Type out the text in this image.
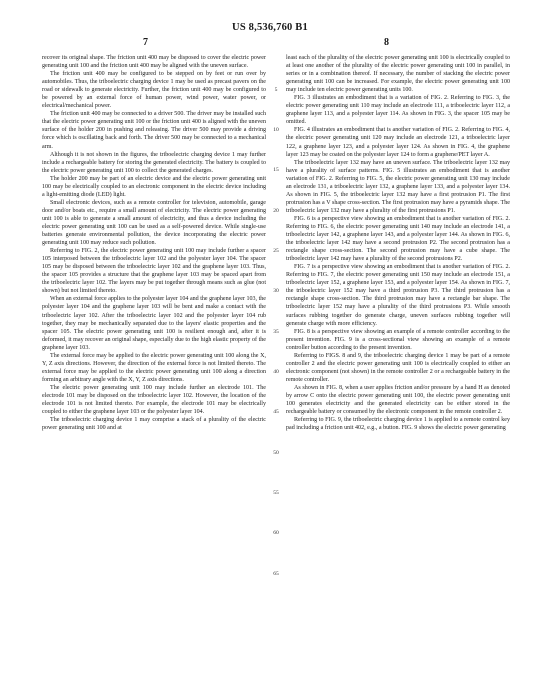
US 8,536,760 B1
7	8

recover its original shape. The friction unit 400 may be disposed to cover the electric power generating unit 100 and the friction unit 400 may be aligned with the uneven surface.

The friction unit 400 may be configured to be stepped on by feet or run over by automobiles. Thus, the triboelectric charging device 1 may be used as precast pavers on the road or sidewalk to generate electricity. Further, the friction unit 400 may be configured to be powered by an external force of human power, wind power, water power, or electrical/mechanical power.

The friction unit 400 may be connected to a driver 500. The driver may be installed such that the electric power generating unit 100 or the friction unit 400 is aligned with the uneven surface of the holder 200 in pushing and releasing. The driver 500 may provide a driving force which is oscillating back and forth. The driver 500 may be connected to a mechanical arm.

Although it is not shown in the figures, the triboelectric charging device 1 may further include a rechargeable battery for storing the generated electricity. The battery is coupled to the electric power generating unit 100 to collect the generated charges.

The holder 200 may be part of an electric device and the electric power generating unit 100 may be electrically coupled to an electronic component in the electric device including a light-emitting diode (LED) light.

Small electronic devices, such as a remote controller for television, automobile, garage door and/or boats etc., require a small amount of electricity. The electric power generating unit 100 is able to generate a small amount of electricity, and thus a device including the electric power generating unit 100 can be used as a self-powered device. While single-use batteries generate environmental pollution, the device incorporating the electric power generating unit 100 may reduce such pollution.

Referring to FIG. 2, the electric power generating unit 100 may include further a spacer 105 interposed between the triboelectric layer 102 and the polyester layer 104. The spacer 105 may be disposed between the triboelectric layer 102 and the graphene layer 103. Thus, the spacer 105 provides a structure that the graphene layer 103 may be spaced apart from the triboelectric layer 102. The layers may be put together through means such as glue (not shown) but not limited thereto.

When an external force applies to the polyester layer 104 and the graphene layer 103, the polyester layer 104 and the graphene layer 103 will be bent and make a contact with the triboelectric layer 102. After the triboelectric layer 102 and the polyester layer 104 rub together, they may be mechanically separated due to the layers' elastic properties and the spacer 105. The electric power generating unit 100 is resilient enough and, after it is deformed, it may recover an original shape, especially due to the high elastic property of the graphene layer 103.

The external force may be applied to the electric power generating unit 100 along the X, Y, Z axis directions. However, the direction of the external force is not limited thereto. The external force may be applied to the electric power generating unit 100 along a direction forming an arbitrary angle with the X, Y, Z axis directions.

The electric power generating unit 100 may include further an electrode 101. The electrode 101 may be disposed on the triboelectric layer 102. However, the location of the electrode 101 is not limited thereto. For example, the electrode 101 may be electrically coupled to either the graphene layer 103 or the polyester layer 104.

The triboelectric charging device 1 may comprise a stack of a plurality of the electric power generating unit 100 and at

5
10
15
20
25
30
35
40
45
50
55
60
65

least each of the plurality of the electric power generating unit 100 is electrically coupled to at least one another of the plurality of the electric power generating unit 100 in parallel, in series or in a combination thereof. If necessary, the number of stacking the electric power generating unit 100 can be increased. For example, the electric power generating unit 100 may include ten electric power generating units 100.

FIG. 3 illustrates an embodiment that is a variation of FIG. 2. Referring to FIG. 3, the electric power generating unit 110 may include an electrode 111, a triboelectric layer 112, a graphene layer 113, and a polyester layer 114. As shown in FIG. 3, the spacer 105 may be omitted.

FIG. 4 illustrates an embodiment that is another variation of FIG. 2. Referring to FIG. 4, the electric power generating unit 120 may include an electrode 121, a triboelectric layer 122, a graphene layer 123, and a polyester layer 124. As shown in FIG. 4, the graphene layer 123 may be coated on the polyester layer 124 to form a graphene/PET layer A.

The triboelectric layer 132 may have an uneven surface. The triboelectric layer 132 may have a plurality of surface patterns. FIG. 5 illustrates an embodiment that is another variation of FIG. 2. Referring to FIG. 5, the electric power generating unit 130 may include an electrode 131, a triboelectric layer 132, a graphene layer 133, and a polyester layer 134. As shown in FIG. 5, the triboelectric layer 132 may have a first protrusion P1. The first protrusion has a V shape cross-section. The first protrusion may have a pyramids shape. The triboelectric layer 132 may have a plurality of the first protrusions P1.

FIG. 6 is a perspective view showing an embodiment that is another variation of FIG. 2. Referring to FIG. 6, the electric power generating unit 140 may include an electrode 141, a triboelectric layer 142, a graphene layer 143, and a polyester layer 144. As shown in FIG. 6, the triboelectric layer 142 may have a second protrusion P2. The second protrusion has a rectangle shape cross-section. The second protrusion may have a cube shape. The triboelectric layer 142 may have a plurality of the second protrusions P2.

FIG. 7 is a perspective view showing an embodiment that is another variation of FIG. 2. Referring to FIG. 7, the electric power generating unit 150 may include an electrode 151, a triboelectric layer 152, a graphene layer 153, and a polyester layer 154. As shown in FIG. 7, the triboelectric layer 152 may have a third protrusion P3. The third protrusion has a rectangle shape cross-section. The third protrusion may have a rectangle bar shape. The triboelectric layer 152 may have a plurality of the third protrusions P3. While smooth surfaces rubbing together do generate charge, uneven surfaces rubbing together will generate charge with more efficiency.

FIG. 8 is a perspective view showing an example of a remote controller according to the present invention. FIG. 9 is a cross-sectional view showing an example of a remote controller button according to the present invention.

Referring to FIGS. 8 and 9, the triboelectric charging device 1 may be part of a remote controller 2 and the electric power generating unit 100 is electrically coupled to either an electronic component (not shown) in the remote controller 2 or a rechargeable battery in the remote controller.

As shown in FIG. 8, when a user applies friction and/or pressure by a hand H as denoted by arrow C onto the electric power generating unit 100, the electric power generating unit 100 generates electricity and the generated electricity can be either stored in the rechargeable battery or consumed by the electronic component in the remote controller 2.

Referring to FIG. 9, the triboelectric charging device 1 is applied to a remote control key pad including a friction unit 402, e.g., a button. FIG. 9 shows the electric power generating
